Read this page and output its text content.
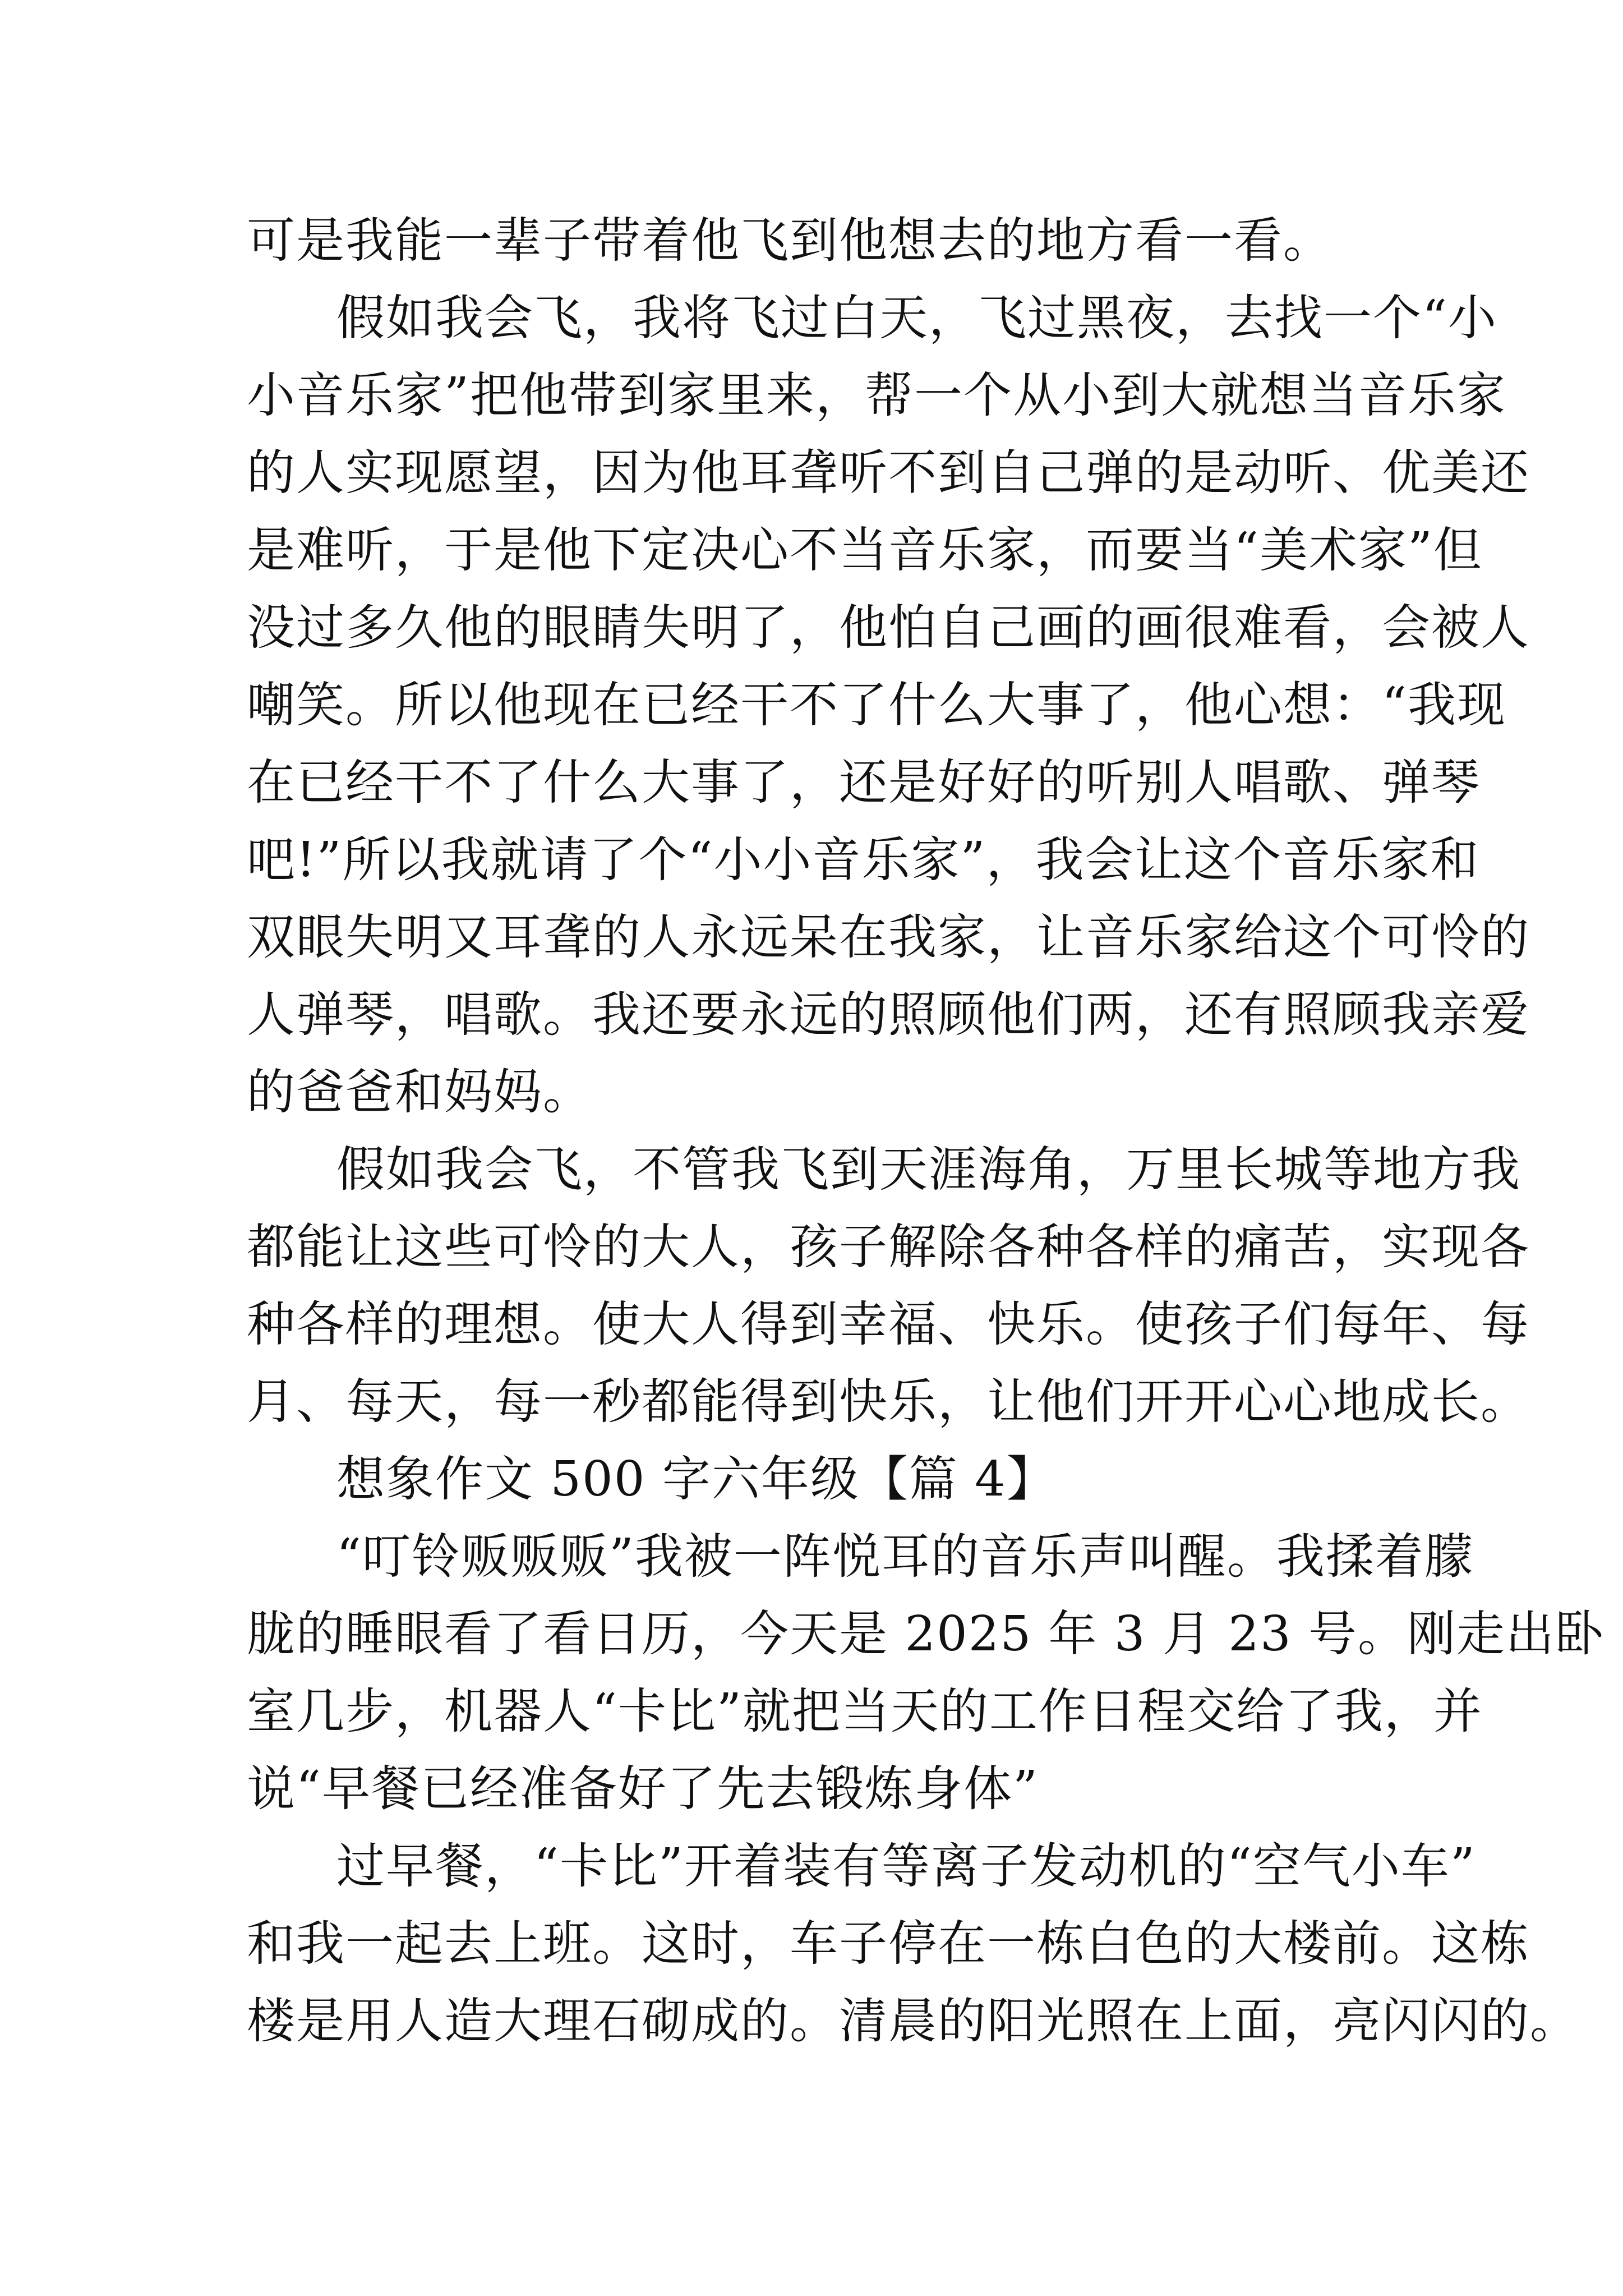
可是我能一辈子带着他飞到他想去的地方看一看。
假如我会飞，我将飞过白天，飞过黑夜，去找一个“小
小音乐家”把他带到家里来，帮一个从小到大就想当音乐家
的人实现愿望，因为他耳聋听不到自己弹的是动听、优美还
是难听，于是他下定决心不当音乐家，而要当“美术家”但
没过多久他的眼睛失明了，他怕自己画的画很难看，会被人
嘲笑。所以他现在已经干不了什么大事了，他心想：“我现
在已经干不了什么大事了，还是好好的听别人唱歌、弹琴
吧!”所以我就请了个“小小音乐家”，我会让这个音乐家和
双眼失明又耳聋的人永远呆在我家，让音乐家给这个可怜的
人弹琴，唱歌。我还要永远的照顾他们两，还有照顾我亲爱
的爸爸和妈妈。
假如我会飞，不管我飞到天涯海角，万里长城等地方我
都能让这些可怜的大人，孩子解除各种各样的痛苦，实现各
种各样的理想。使大人得到幸福、快乐。使孩子们每年、每
月、每天，每一秒都能得到快乐，让他们开开心心地成长。
想象作文 500 字六年级【篇 4】
“叮铃贩贩贩”我被一阵悦耳的音乐声叫醒。我揉着朦
胧的睡眼看了看日历，今天是 2025 年 3 月 23 号。刚走出卧
室几步，机器人“卡比”就把当天的工作日程交给了我，并
说“早餐已经准备好了先去锻炼身体”
过早餐，“卡比”开着装有等离子发动机的“空气小车”
和我一起去上班。这时，车子停在一栋白色的大楼前。这栋
楼是用人造大理石砌成的。清晨的阳光照在上面，亮闪闪的。
